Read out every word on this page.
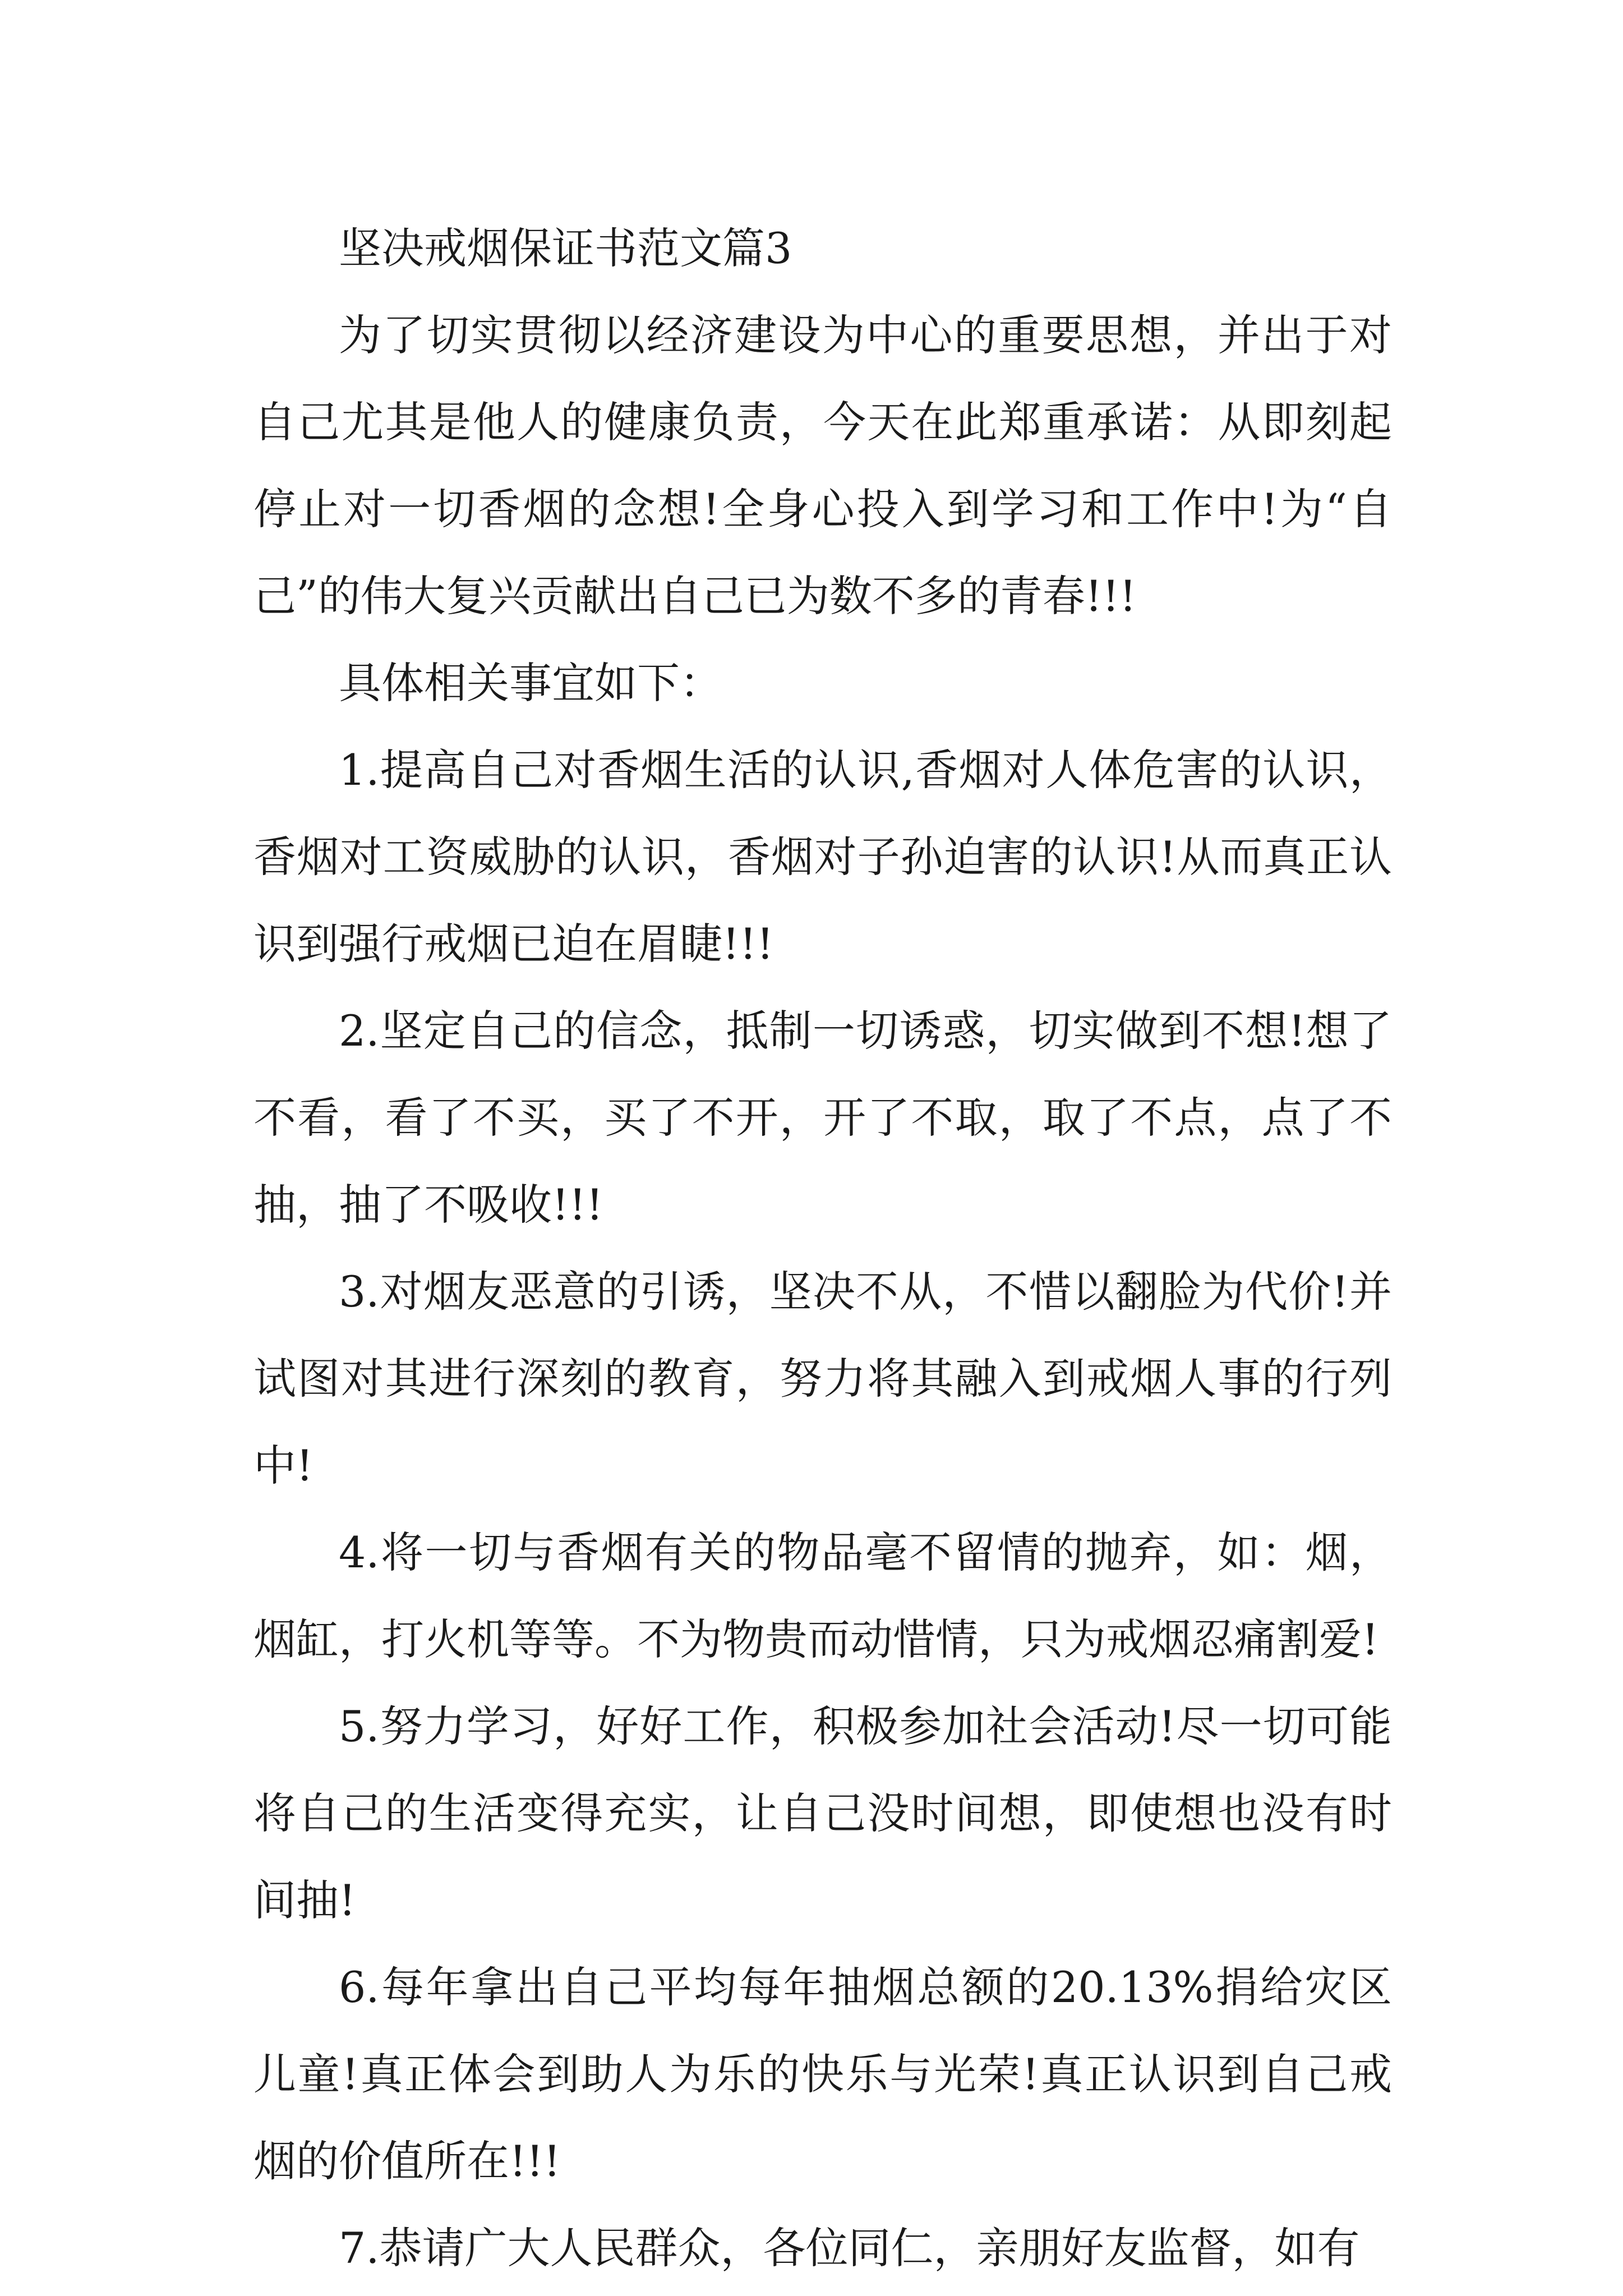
坚决戒烟保证书范文篇3

为了切实贯彻以经济建设为中心的重要思想，并出于对自己尤其是他人的健康负责，今天在此郑重承诺：从即刻起停止对一切香烟的念想!全身心投入到学习和工作中!为“自己”的伟大复兴贡献出自己已为数不多的青春!!!

具体相关事宜如下：

1.提高自己对香烟生活的认识,香烟对人体危害的认识，香烟对工资威胁的认识，香烟对子孙迫害的认识!从而真正认识到强行戒烟已迫在眉睫!!!

2.坚定自己的信念，抵制一切诱惑，切实做到不想!想了不看，看了不买，买了不开，开了不取，取了不点，点了不抽，抽了不吸收!!!

3.对烟友恶意的引诱，坚决不从，不惜以翻脸为代价!并试图对其进行深刻的教育，努力将其融入到戒烟人事的行列中!

4.将一切与香烟有关的物品毫不留情的抛弃，如：烟，烟缸，打火机等等。不为物贵而动惜情，只为戒烟忍痛割爱!

5.努力学习，好好工作，积极参加社会活动!尽一切可能将自己的生活变得充实，让自己没时间想，即使想也没有时间抽!

6.每年拿出自己平均每年抽烟总额的20.13%捐给灾区儿童!真正体会到助人为乐的快乐与光荣!真正认识到自己戒烟的价值所在!!!

7.恭请广大人民群众，各位同仁，亲朋好友监督，如有
